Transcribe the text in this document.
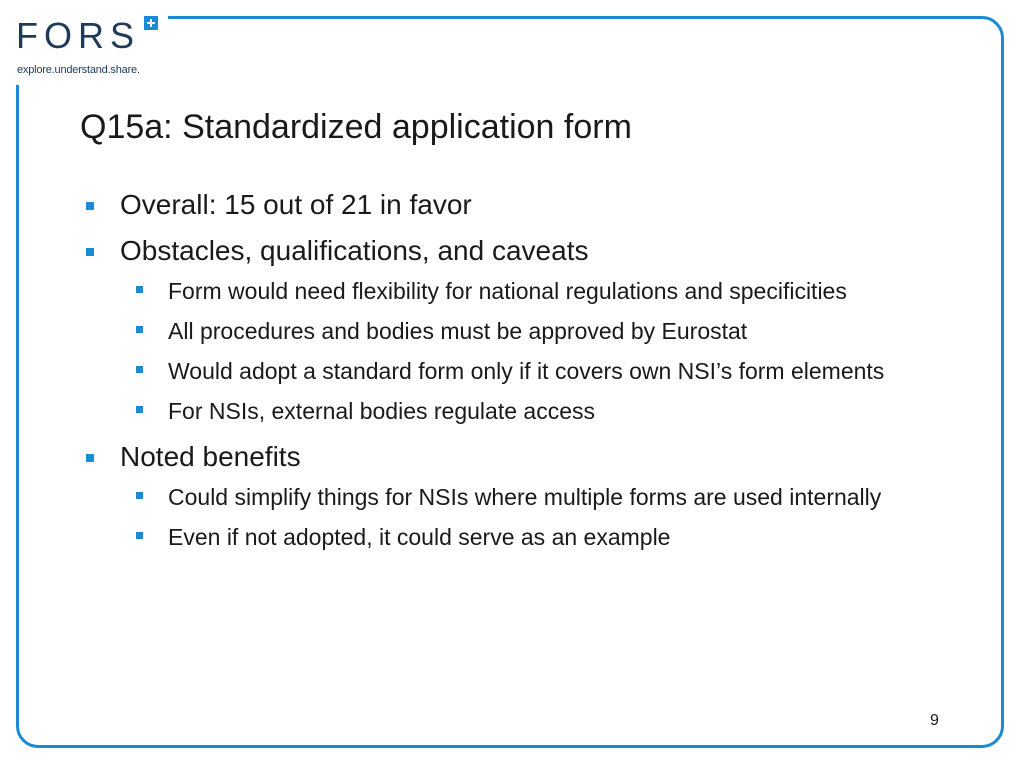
FORS
explore.understand.share.
Q15a: Standardized application form
Overall: 15 out of 21 in favor
Obstacles, qualifications, and caveats
Form would need flexibility for national regulations and specificities
All procedures and bodies must be approved by Eurostat
Would adopt a standard form only if it covers own NSI’s form elements
For NSIs, external bodies regulate access
Noted benefits
Could simplify things for NSIs where multiple forms are used internally
Even if not adopted, it could serve as an example
9
